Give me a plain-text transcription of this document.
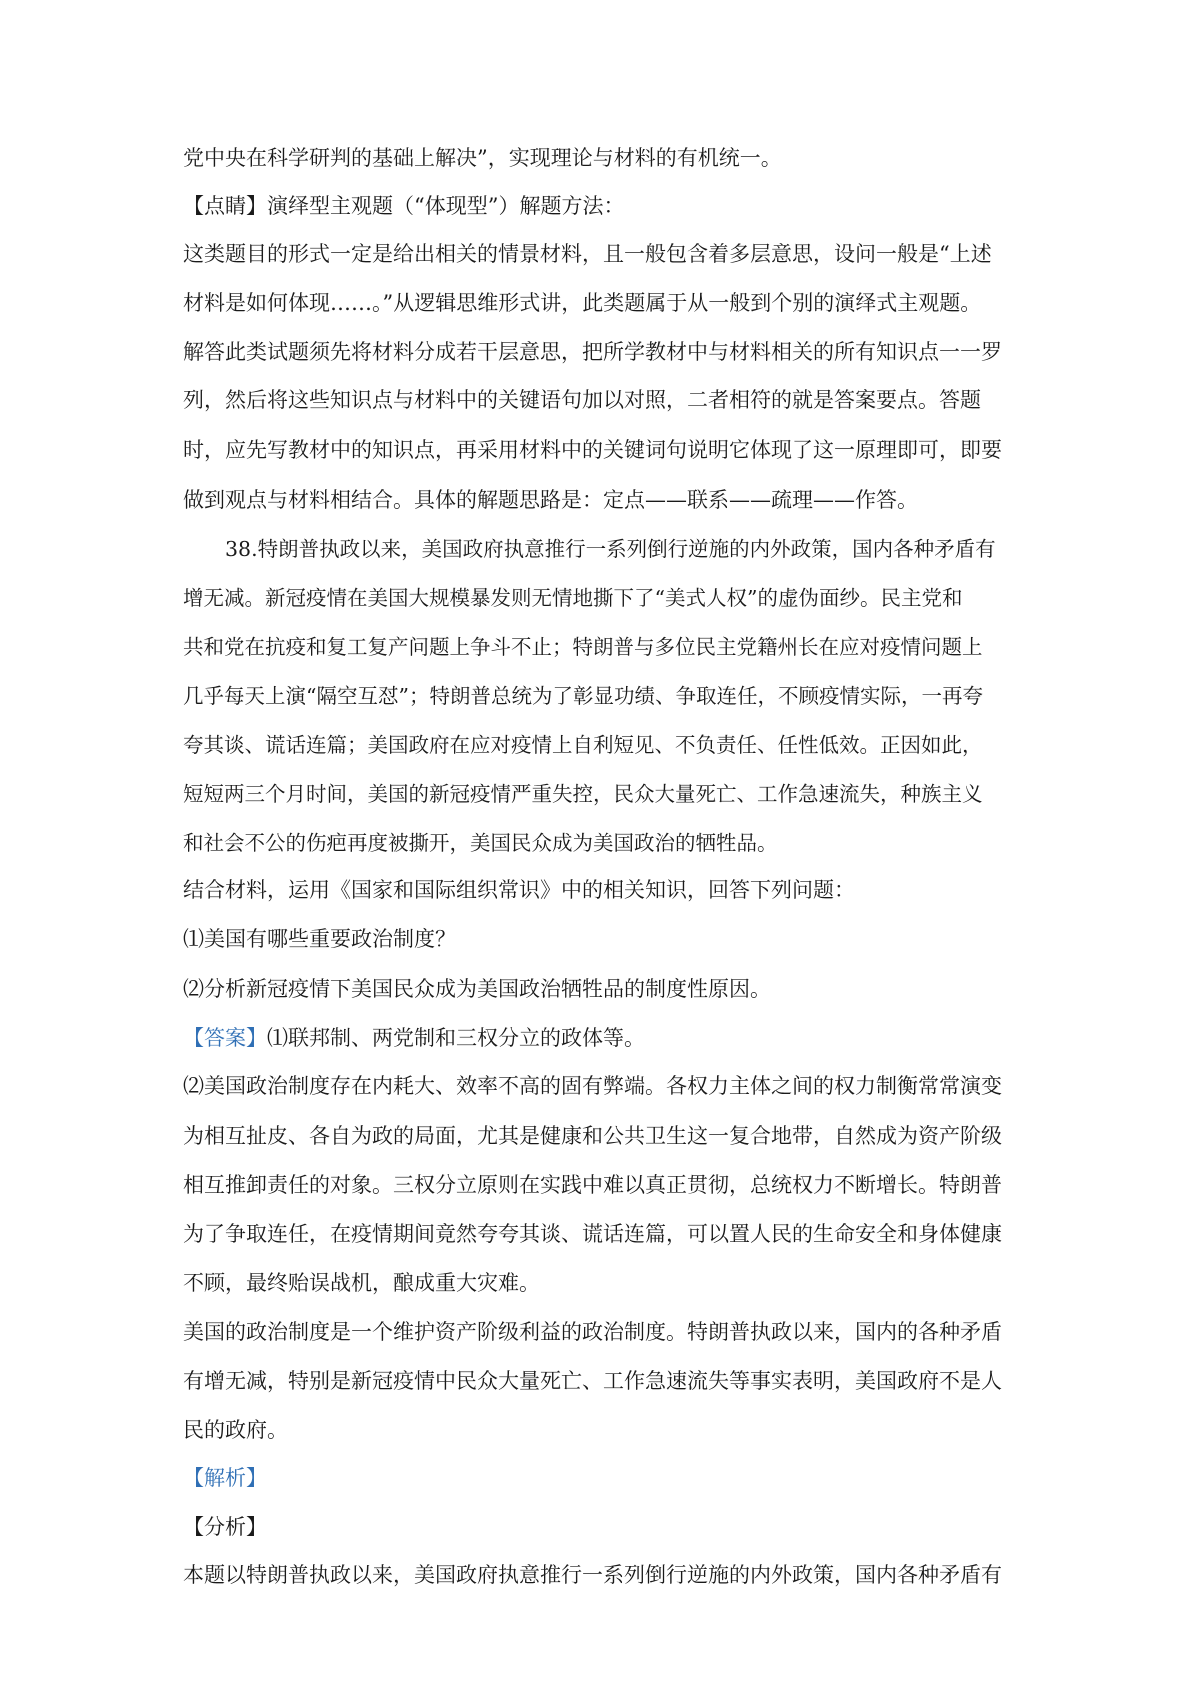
党中央在科学研判的基础上解决”，实现理论与材料的有机统一。

【点睛】演绎型主观题（“体现型”）解题方法：

这类题目的形式一定是给出相关的情景材料，且一般包含着多层意思，设问一般是“上述

材料是如何体现……。”从逻辑思维形式讲，此类题属于从一般到个别的演绎式主观题。

解答此类试题须先将材料分成若干层意思，把所学教材中与材料相关的所有知识点一一罗

列，然后将这些知识点与材料中的关键语句加以对照，二者相符的就是答案要点。答题

时，应先写教材中的知识点，再采用材料中的关键词句说明它体现了这一原理即可，即要

做到观点与材料相结合。具体的解题思路是：定点——联系——疏理——作答。

38.特朗普执政以来，美国政府执意推行一系列倒行逆施的内外政策，国内各种矛盾有

增无减。新冠疫情在美国大规模暴发则无情地撕下了“美式人权”的虚伪面纱。民主党和

共和党在抗疫和复工复产问题上争斗不止；特朗普与多位民主党籍州长在应对疫情问题上

几乎每天上演“隔空互怼”；特朗普总统为了彰显功绩、争取连任，不顾疫情实际，一再夸

夸其谈、谎话连篇；美国政府在应对疫情上自利短见、不负责任、任性低效。正因如此，

短短两三个月时间，美国的新冠疫情严重失控，民众大量死亡、工作急速流失，种族主义

和社会不公的伤疤再度被撕开，美国民众成为美国政治的牺牲品。

结合材料，运用《国家和国际组织常识》中的相关知识，回答下列问题：

⑴美国有哪些重要政治制度？

⑵分析新冠疫情下美国民众成为美国政治牺牲品的制度性原因。

【答案】⑴联邦制、两党制和三权分立的政体等。

⑵美国政治制度存在内耗大、效率不高的固有弊端。各权力主体之间的权力制衡常常演变

为相互扯皮、各自为政的局面，尤其是健康和公共卫生这一复合地带，自然成为资产阶级

相互推卸责任的对象。三权分立原则在实践中难以真正贯彻，总统权力不断增长。特朗普

为了争取连任，在疫情期间竟然夸夸其谈、谎话连篇，可以置人民的生命安全和身体健康

不顾，最终贻误战机，酿成重大灾难。

美国的政治制度是一个维护资产阶级利益的政治制度。特朗普执政以来，国内的各种矛盾

有增无减，特别是新冠疫情中民众大量死亡、工作急速流失等事实表明，美国政府不是人

民的政府。

【解析】

【分析】

本题以特朗普执政以来，美国政府执意推行一系列倒行逆施的内外政策，国内各种矛盾有
